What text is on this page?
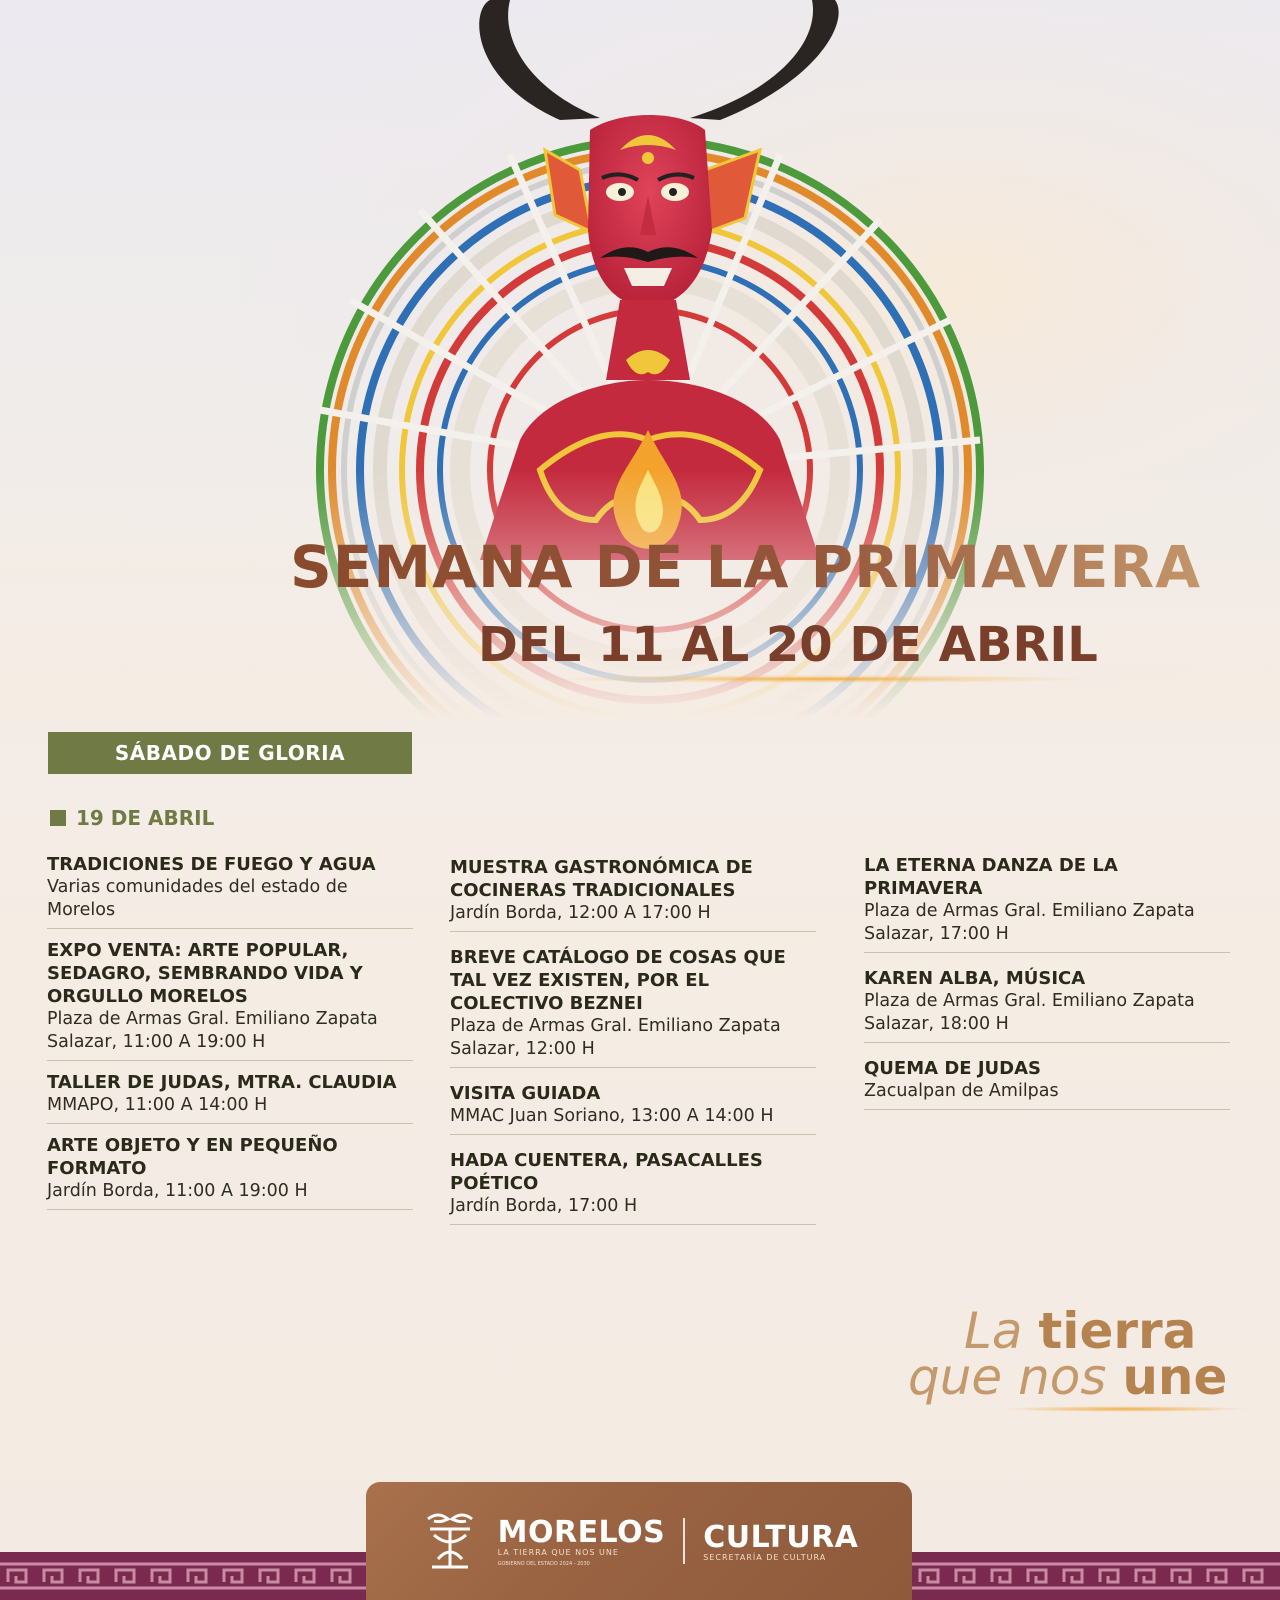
SEMANA DE LA PRIMAVERA
DEL 11 AL 20 DE ABRIL
SÁBADO DE GLORIA
19 DE ABRIL
TRADICIONES DE FUEGO Y AGUA
Varias comunidades del estado de Morelos
EXPO VENTA: ARTE POPULAR, SEDAGRO, SEMBRANDO VIDA Y ORGULLO MORELOS
Plaza de Armas Gral. Emiliano Zapata Salazar, 11:00 A 19:00 H
TALLER DE JUDAS, MTRA. CLAUDIA
MMAPO, 11:00 A 14:00 H
ARTE OBJETO Y EN PEQUEÑO FORMATO
Jardín Borda, 11:00 A 19:00 H
MUESTRA GASTRONÓMICA DE COCINERAS TRADICIONALES
Jardín Borda, 12:00 A 17:00 H
BREVE CATÁLOGO DE COSAS QUE TAL VEZ EXISTEN, POR EL COLECTIVO BEZNEI
Plaza de Armas Gral. Emiliano Zapata Salazar, 12:00 H
VISITA GUIADA
MMAC Juan Soriano, 13:00 A 14:00 H
HADA CUENTERA, PASACALLES POÉTICO
Jardín Borda, 17:00 H
LA ETERNA DANZA DE LA PRIMAVERA
Plaza de Armas Gral. Emiliano Zapata Salazar, 17:00 H
KAREN ALBA, MÚSICA
Plaza de Armas Gral. Emiliano Zapata Salazar, 18:00 H
QUEMA DE JUDAS
Zacualpan de Amilpas
La tierra
que nos une
MORELOS
LA TIERRA QUE NOS UNE
GOBIERNO DEL ESTADO 2024 - 2030
CULTURA
SECRETARÍA DE CULTURA
